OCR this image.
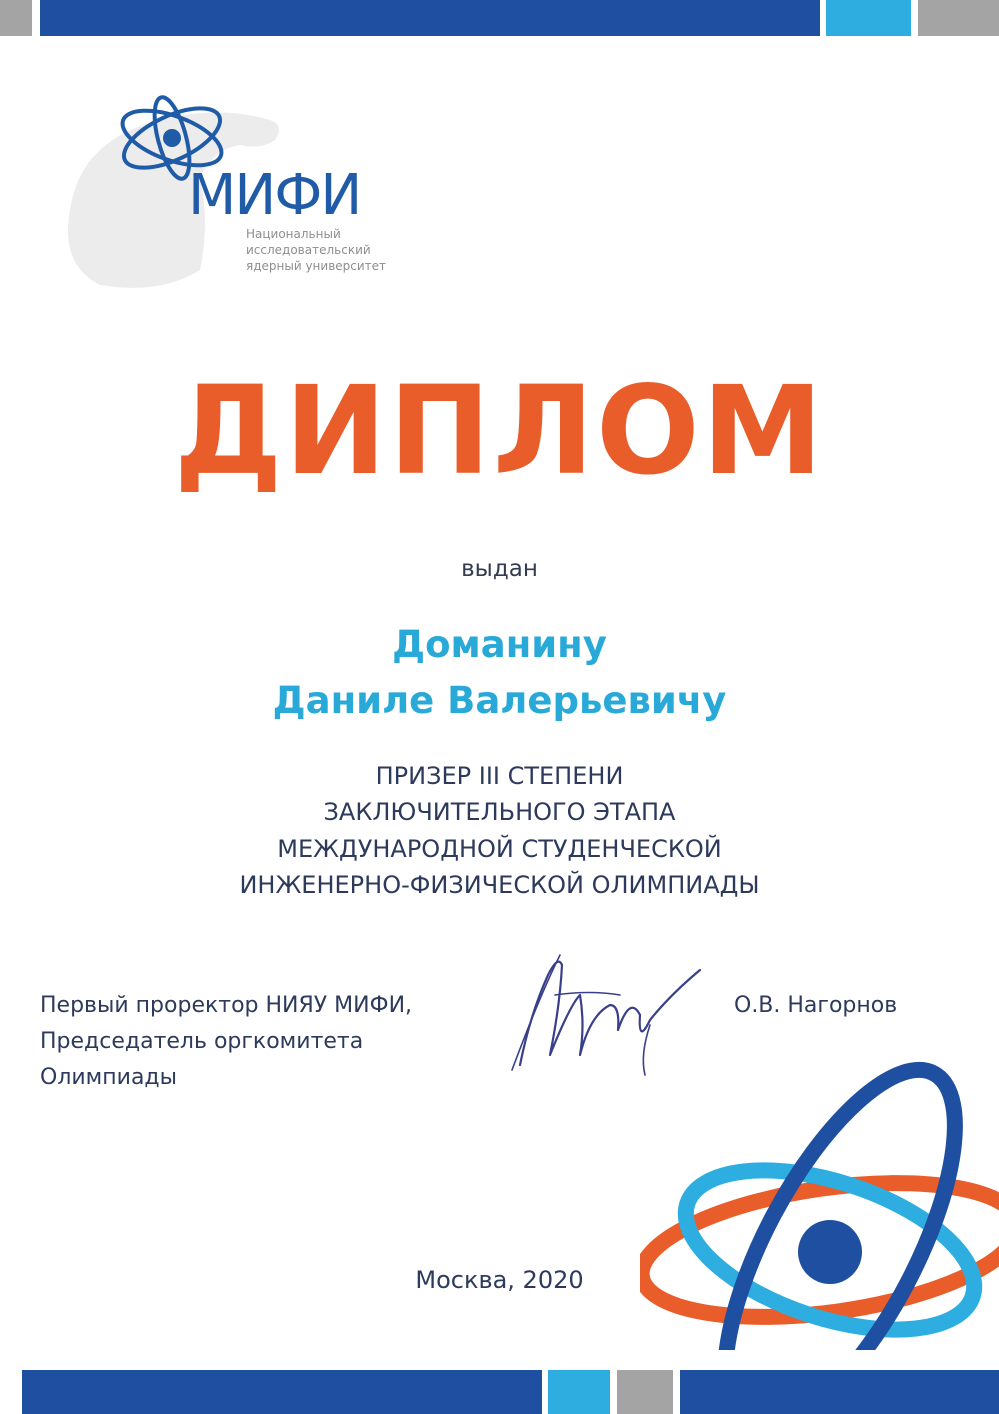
МИФИ
Национальный
исследовательский
ядерный университет
ДИПЛОМ
выдан
Доманину
Даниле Валерьевичу
ПРИЗЕР III СТЕПЕНИ
ЗАКЛЮЧИТЕЛЬНОГО ЭТАПА
МЕЖДУНАРОДНОЙ СТУДЕНЧЕСКОЙ
ИНЖЕНЕРНО-ФИЗИЧЕСКОЙ ОЛИМПИАДЫ
Первый проректор НИЯУ МИФИ,
Председатель оргкомитета
Олимпиады
О.В. Нагорнов
Москва, 2020
